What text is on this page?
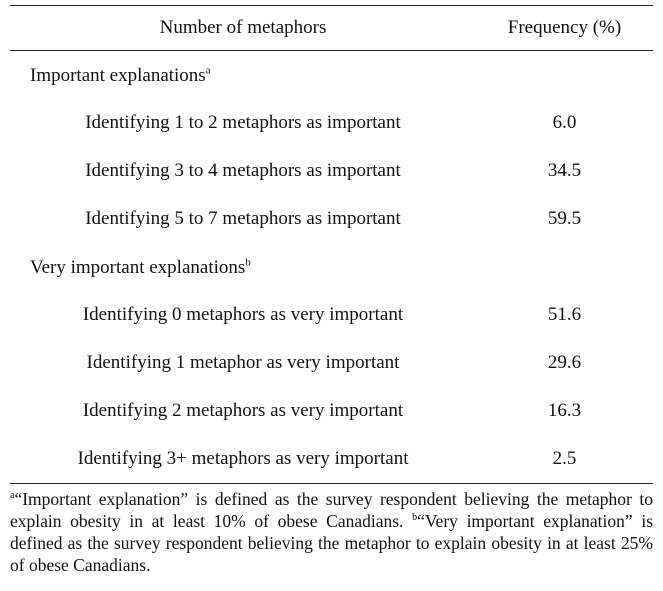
Number of metaphors	Frequency (%)
Important explanations$^a$
Identifying 1 to 2 metaphors as important	6.0
Identifying 3 to 4 metaphors as important	34.5
Identifying 5 to 7 metaphors as important	59.5
Very important explanations$^b$
Identifying 0 metaphors as very important	51.6
Identifying 1 metaphor as very important	29.6
Identifying 2 metaphors as very important	16.3
Identifying 3+ metaphors as very important	2.5
$^a$“Important explanation” is defined as the survey respondent believing the metaphor to explain obesity in at least 10% of obese Canadians. $^b$“Very important explanation” is defined as the survey respondent believing the metaphor to explain obesity in at least 25% of obese Canadians.
